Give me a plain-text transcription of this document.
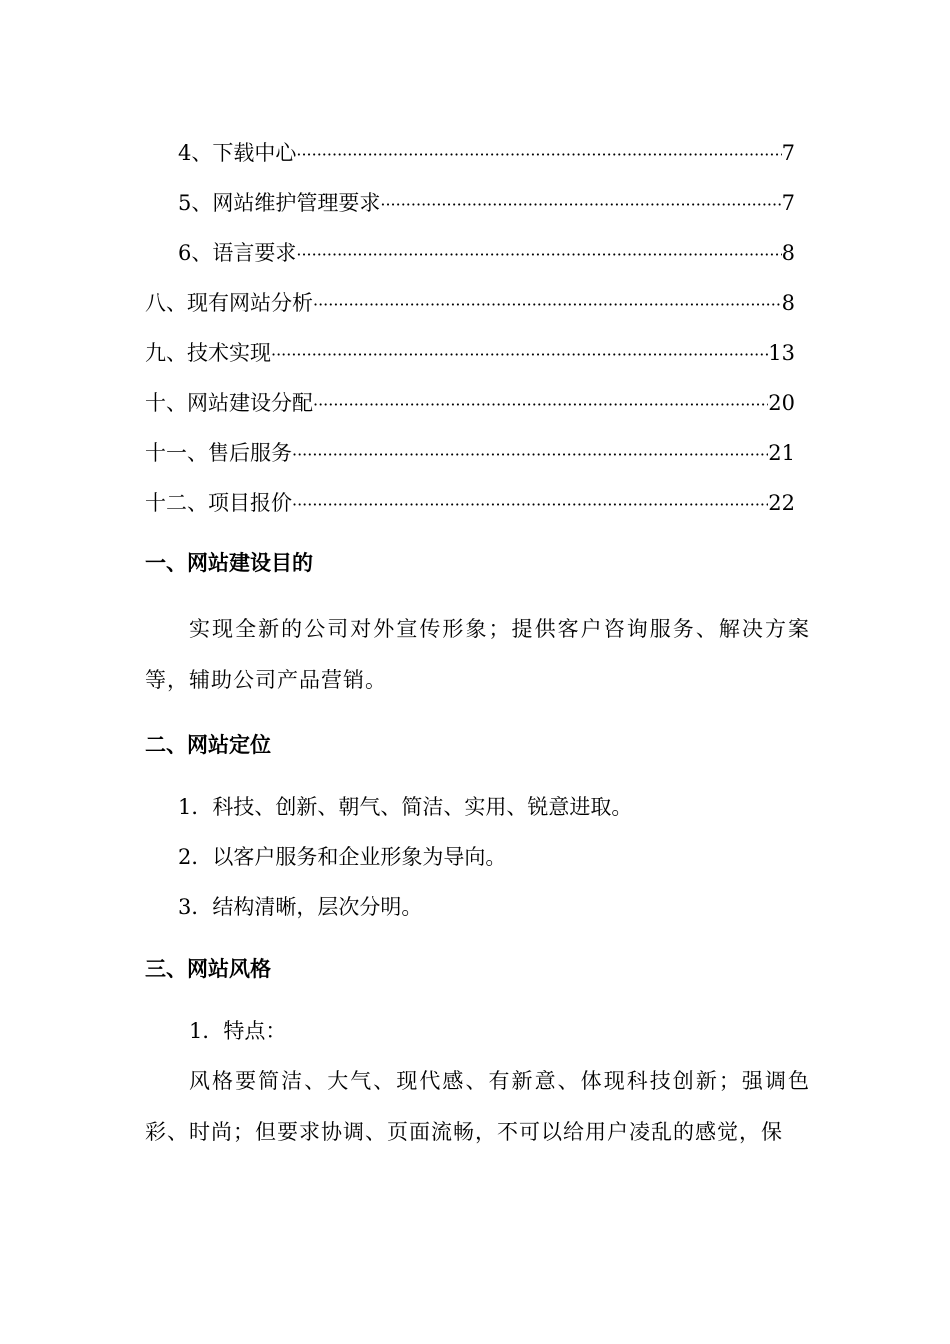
4、下载中心 ·····	7
5、网站维护管理要求 ·····	7
6、语言要求 ·····	8
八、现有网站分析 ·····	8
九、技术实现 ·····	13
十、网站建设分配 ·····	20
十一、售后服务 ·····	21
十二、项目报价 ·····	22
一、网站建设目的

实现全新的公司对外宣传形象；提供客户咨询服务、解决方案等，辅助公司产品营销。

二、网站定位

1．科技、创新、朝气、简洁、实用、锐意进取。

2．以客户服务和企业形象为导向。

3．结构清晰，层次分明。

三、网站风格

1．特点：

风格要简洁、大气、现代感、有新意、体现科技创新；强调色彩、时尚；但要求协调、页面流畅，不可以给用户凌乱的感觉，保
